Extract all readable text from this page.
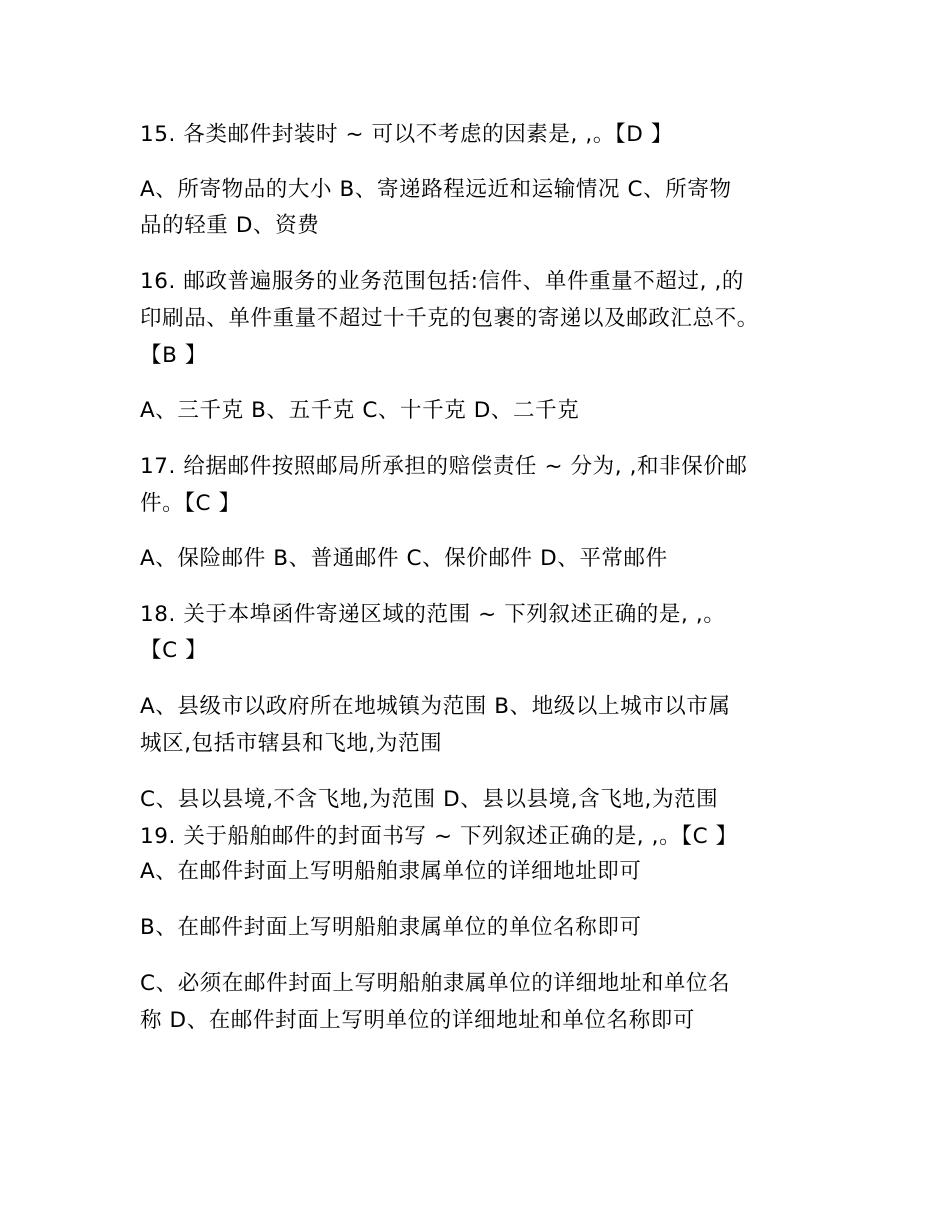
15. 各类邮件封装时 ~ 可以不考虑的因素是, ,。【D 】
A、所寄物品的大小 B、寄递路程远近和运输情况 C、所寄物
品的轻重 D、资费
16. 邮政普遍服务的业务范围包括:信件、单件重量不超过, ,的
印刷品、单件重量不超过十千克的包裹的寄递以及邮政汇总不。
【B 】
A、三千克 B、五千克 C、十千克 D、二千克
17. 给据邮件按照邮局所承担的赔偿责任 ~ 分为, ,和非保价邮
件。【C 】
A、保险邮件 B、普通邮件 C、保价邮件 D、平常邮件
18. 关于本埠函件寄递区域的范围 ~ 下列叙述正确的是, ,。
【C 】
A、县级市以政府所在地城镇为范围 B、地级以上城市以市属
城区,包括市辖县和飞地,为范围
C、县以县境,不含飞地,为范围 D、县以县境,含飞地,为范围
19. 关于船舶邮件的封面书写 ~ 下列叙述正确的是, ,。【C 】
A、在邮件封面上写明船舶隶属单位的详细地址即可
B、在邮件封面上写明船舶隶属单位的单位名称即可
C、必须在邮件封面上写明船舶隶属单位的详细地址和单位名
称 D、在邮件封面上写明单位的详细地址和单位名称即可
